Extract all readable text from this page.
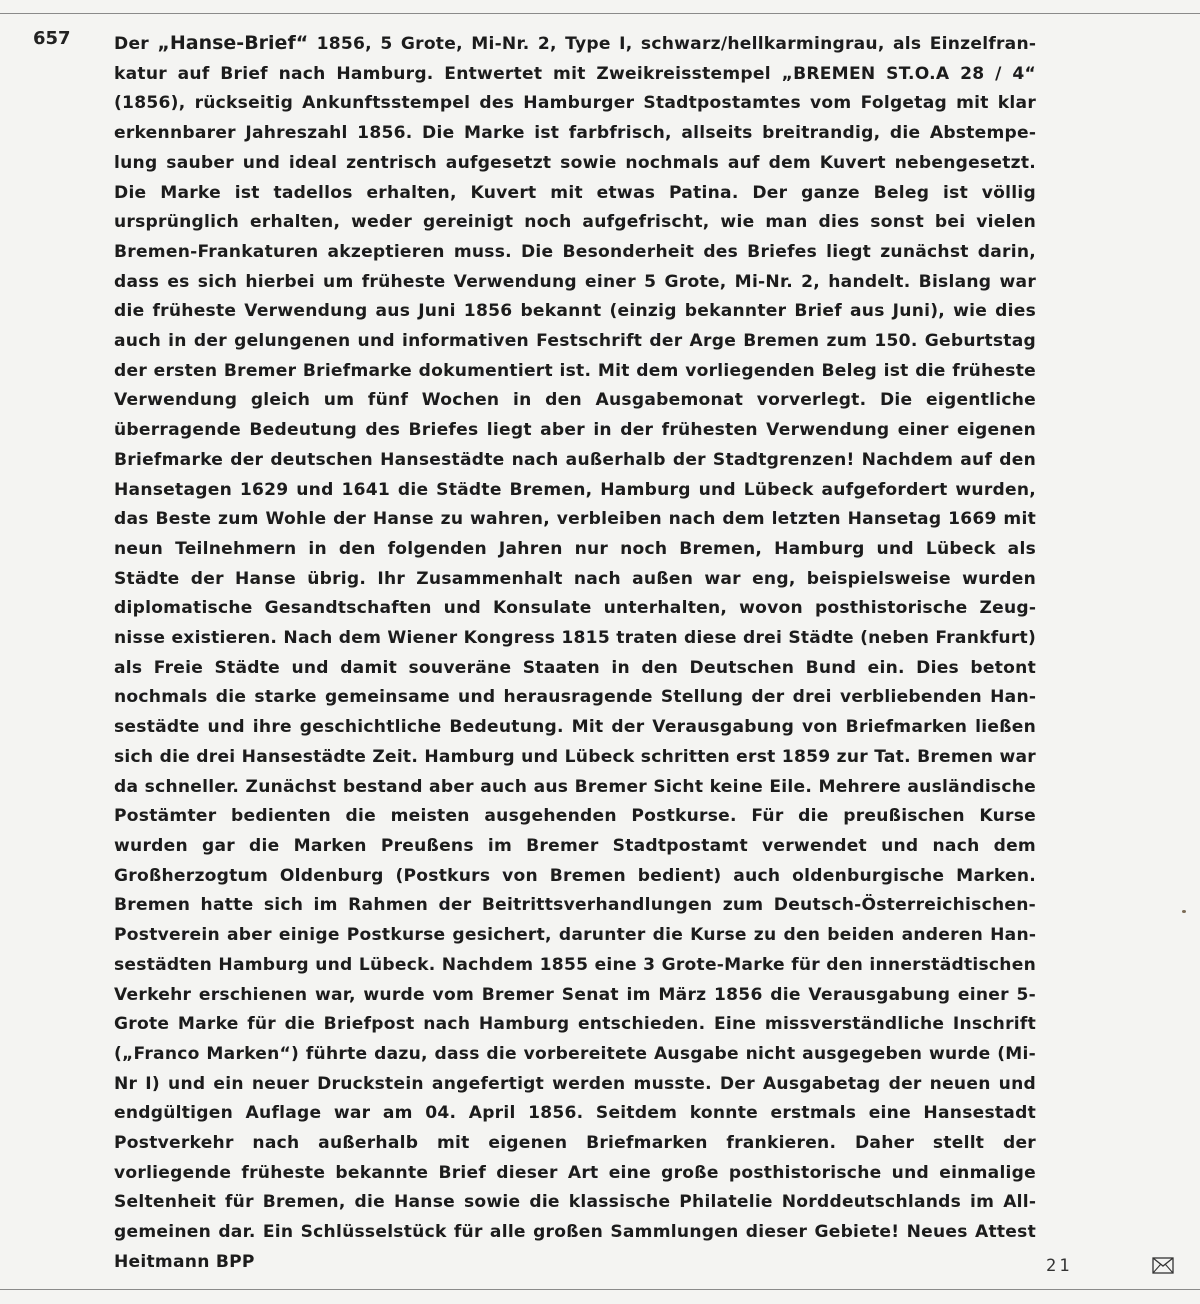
657	Der „Hanse-Brief“ 1856, 5 Grote, Mi-Nr. 2, Type I, schwarz/hellkarmingrau, als Einzelfrankatur auf Brief nach Hamburg. Entwertet mit Zweikreisstempel „BREMEN ST.O.A 28 / 4“ (1856), rückseitig Ankunftsstempel des Hamburger Stadtpostamtes vom Folgetag mit klar erkennbarer Jahreszahl 1856. Die Marke ist farbfrisch, allseits breitrandig, die Abstempelung sauber und ideal zentrisch aufgesetzt sowie nochmals auf dem Kuvert nebengesetzt. Die Marke ist tadellos erhalten, Kuvert mit etwas Patina. Der ganze Beleg ist völlig ursprünglich erhalten, weder gereinigt noch aufgefrischt, wie man dies sonst bei vielen Bremen-Frankaturen akzeptieren muss. Die Besonderheit des Briefes liegt zunächst darin, dass es sich hierbei um früheste Verwendung einer 5 Grote, Mi-Nr. 2, handelt. Bislang war die früheste Verwendung aus Juni 1856 bekannt (einzig bekannter Brief aus Juni), wie dies auch in der gelungenen und informativen Festschrift der Arge Bremen zum 150. Geburtstag der ersten Bremer Briefmarke dokumentiert ist. Mit dem vorliegenden Beleg ist die früheste Verwendung gleich um fünf Wochen in den Ausgabemonat vorverlegt. Die eigentliche überragende Bedeutung des Briefes liegt aber in der frühesten Verwendung einer eigenen Briefmarke der deutschen Hansestädte nach außerhalb der Stadtgrenzen! Nachdem auf den Hansetagen 1629 und 1641 die Städte Bremen, Hamburg und Lübeck aufgefordert wurden, das Beste zum Wohle der Hanse zu wahren, verbleiben nach dem letzten Hansetag 1669 mit neun Teilnehmern in den folgenden Jahren nur noch Bremen, Hamburg und Lübeck als Städte der Hanse übrig. Ihr Zusammenhalt nach außen war eng, beispielsweise wurden diplomatische Gesandtschaften und Konsulate unterhalten, wovon posthistorische Zeugnisse existieren. Nach dem Wiener Kongress 1815 traten diese drei Städte (neben Frankfurt) als Freie Städte und damit souveräne Staaten in den Deutschen Bund ein. Dies betont nochmals die starke gemeinsame und herausragende Stellung der drei verbliebenden Hansestädte und ihre geschichtliche Bedeutung. Mit der Verausgabung von Briefmarken ließen sich die drei Hansestädte Zeit. Hamburg und Lübeck schritten erst 1859 zur Tat. Bremen war da schneller. Zunächst bestand aber auch aus Bremer Sicht keine Eile. Mehrere ausländische Postämter bedienten die meisten ausgehenden Postkurse. Für die preußischen Kurse wurden gar die Marken Preußens im Bremer Stadtpostamt verwendet und nach dem Großherzogtum Oldenburg (Postkurs von Bremen bedient) auch oldenburgische Marken. Bremen hatte sich im Rahmen der Beitrittsverhandlungen zum Deutsch-Österreichischen-Postverein aber einige Postkurse gesichert, darunter die Kurse zu den beiden anderen Hansestädten Hamburg und Lübeck. Nachdem 1855 eine 3 Grote-Marke für den innerstädtischen Verkehr erschienen war, wurde vom Bremer Senat im März 1856 die Verausgabung einer 5-Grote Marke für die Briefpost nach Hamburg entschieden. Eine missverständliche Inschrift („Franco Marken“) führte dazu, dass die vorbereitete Ausgabe nicht ausgegeben wurde (Mi-Nr I) und ein neuer Druckstein angefertigt werden musste. Der Ausgabetag der neuen und endgültigen Auflage war am 04. April 1856. Seitdem konnte erstmals eine Hansestadt Postverkehr nach außerhalb mit eigenen Briefmarken frankieren. Daher stellt der vorliegende früheste bekannte Brief dieser Art eine große posthistorische und einmalige Seltenheit für Bremen, die Hanse sowie die klassische Philatelie Norddeutschlands im Allgemeinen dar. Ein Schlüsselstück für alle großen Sammlungen dieser Gebiete! Neues Attest Heitmann BPP	21
